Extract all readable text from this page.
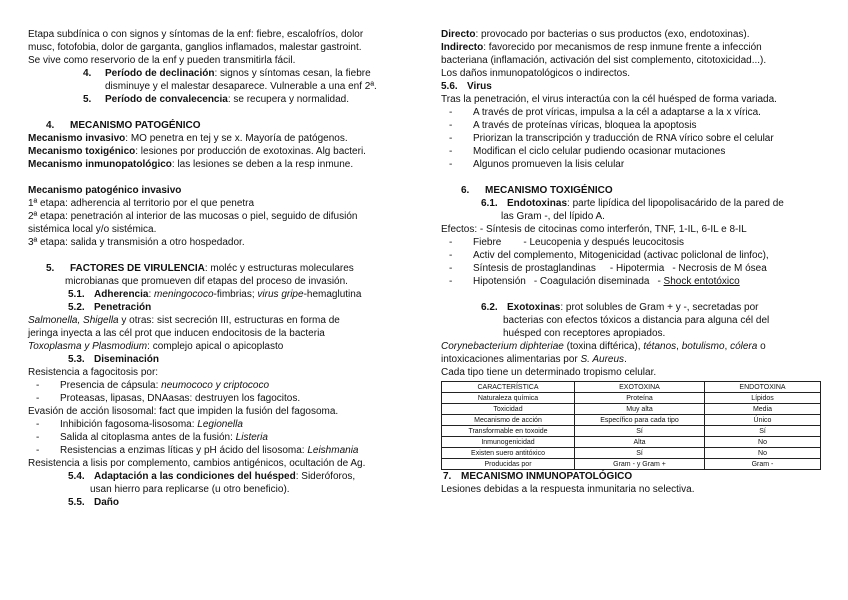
Etapa subdínica o con signos y síntomas de la enf: fiebre, escalofríos, dolor

musc, fotofobia, dolor de garganta, ganglios inflamados, malestar gastroint.

Se vive como reservorio de la enf y pueden transmitirla fácil.

4. Período de declinación: signos y síntomas cesan, la fiebre

disminuye y el malestar desaparece. Vulnerable a una enf 2ª.

5. Período de convalecencia: se recupera y normalidad.

4. MECANISMO PATOGÉNICO

Mecanismo invasivo: MO penetra en tej y se x. Mayoría de patógenos.

Mecanismo toxigénico: lesiones por producción de exotoxinas. Alg bacteri.

Mecanismo inmunopatológico: las lesiones se deben a la resp inmune.

Mecanismo patogénico invasivo

1ª etapa: adherencia al territorio por el que penetra

2ª etapa: penetración al interior de las mucosas o piel, seguido de difusión

sistémica local y/o sistémica.

3ª etapa: salida y transmisión a otro hospedador.

5. FACTORES DE VIRULENCIA: moléc y estructuras moleculares

microbianas que promueven dif etapas del proceso de invasión.

5.1. Adherencia: meningococo-fimbrias; virus gripe-hemaglutina

5.2. Penetración

Salmonella, Shigella y otras: sist secreción III, estructuras en forma de

jeringa inyecta a las cél prot que inducen endocitosis de la bacteria

Toxoplasma y Plasmodium: complejo apical o apicoplasto

5.3. Diseminación

Resistencia a fagocitosis por:

- Presencia de cápsula: neumococo y criptococo
- Proteasas, lipasas, DNAasas: destruyen los fagocitos.

Evasión de acción lisosomal: fact que impiden la fusión del fagosoma.

- Inhibición fagosoma-lisosoma: Legionella
- Salida al citoplasma antes de la fusión: Listeria
- Resistencias a enzimas líticas y pH ácido del lisosoma: Leishmania

Resistencia a lisis por complemento, cambios antigénicos, ocultación de Ag.

5.4. Adaptación a las condiciones del huésped: Sideróforos,

usan hierro para replicarse (u otro beneficio).

5.5. Daño

Directo: provocado por bacterias o sus productos (exo, endotoxinas).

Indirecto: favorecido por mecanismos de resp inmune frente a infección

bacteriana (inflamación, activación del sist complemento, citotoxicidad...).

Los daños inmunopatológicos o indirectos.

5.6. Virus

Tras la penetración, el virus interactúa con la cél huésped de forma variada.

- A través de prot víricas, impulsa a la cél a adaptarse a la x vírica.
- A través de proteínas víricas, bloquea la apoptosis
- Priorizan la transcripción y traducción de RNA vírico sobre el celular
- Modifican el ciclo celular pudiendo ocasionar mutaciones
- Algunos promueven la lisis celular

6. MECANISMO TOXIGÉNICO

6.1. Endotoxinas: parte lipídica del lipopolisacárido de la pared de

las Gram -, del lípido A.

Efectos: - Síntesis de citocinas como interferón, TNF, 1-IL, 6-IL e 8-IL

- Fiebre - Leucopenia y después leucocitosis
- Activ del complemento, Mitogenicidad (activac policlonal de linfoc),
- Síntesis de prostaglandinas - Hipotermia - Necrosis de M ósea
- Hipotensión - Coagulación diseminada - Shock entotóxico

6.2. Exotoxinas: prot solubles de Gram + y -, secretadas por

bacterias con efectos tóxicos a distancia para alguna cél del

huésped con receptores apropiados.

Corynebacterium diphteriae (toxina diftérica), tétanos, botulismo, cólera o

intoxicaciones alimentarias por S. Aureus.

Cada tipo tiene un determinado tropismo celular.

CARACTERÍSTICA	EXOTOXINA	ENDOTOXINA
Naturaleza química	Proteína	Lípidos
Toxicidad	Muy alta	Media
Mecanismo de acción	Específico para cada tipo	Único
Transformable en toxoide	Sí	Sí
Inmunogenicidad	Alta	No
Existen suero antitóxico	Sí	No
Producidas por	Gram - y Gram +	Gram -

7. MECANISMO INMUNOPATOLÓGICO

Lesiones debidas a la respuesta inmunitaria no selectiva.
